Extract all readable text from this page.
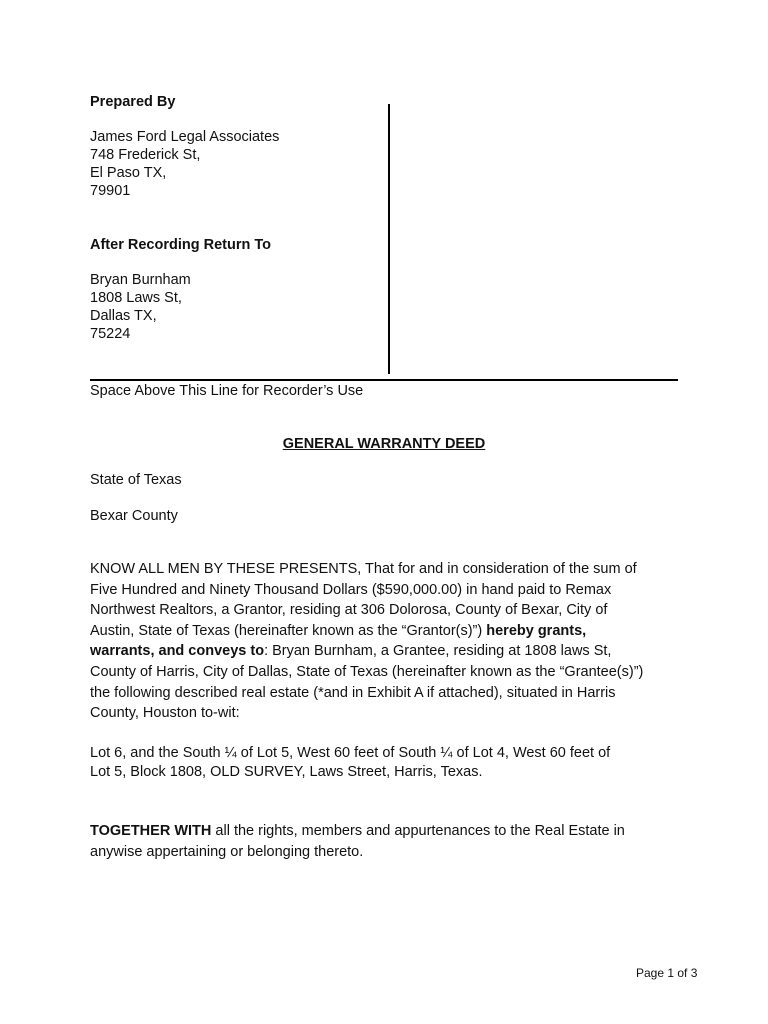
Prepared By
James Ford Legal Associates
748 Frederick St,
El Paso TX,
79901
After Recording Return To
Bryan Burnham
1808 Laws St,
Dallas TX,
75224
Space Above This Line for Recorder’s Use
GENERAL WARRANTY DEED
State of Texas
Bexar County
KNOW ALL MEN BY THESE PRESENTS, That for and in consideration of the sum of
Five Hundred and Ninety Thousand Dollars ($590,000.00) in hand paid to Remax
Northwest Realtors, a Grantor, residing at 306 Dolorosa, County of Bexar, City of
Austin, State of Texas (hereinafter known as the “Grantor(s)”) hereby grants,
warrants, and conveys to: Bryan Burnham, a Grantee, residing at 1808 laws St,
County of Harris, City of Dallas, State of Texas (hereinafter known as the “Grantee(s)”)
the following described real estate (*and in Exhibit A if attached), situated in Harris
County, Houston to-wit:
Lot 6, and the South ¼ of Lot 5, West 60 feet of South ¼ of Lot 4, West 60 feet of
Lot 5, Block 1808, OLD SURVEY, Laws Street, Harris, Texas.
TOGETHER WITH all the rights, members and appurtenances to the Real Estate in
anywise appertaining or belonging thereto.
Page 1 of 3
